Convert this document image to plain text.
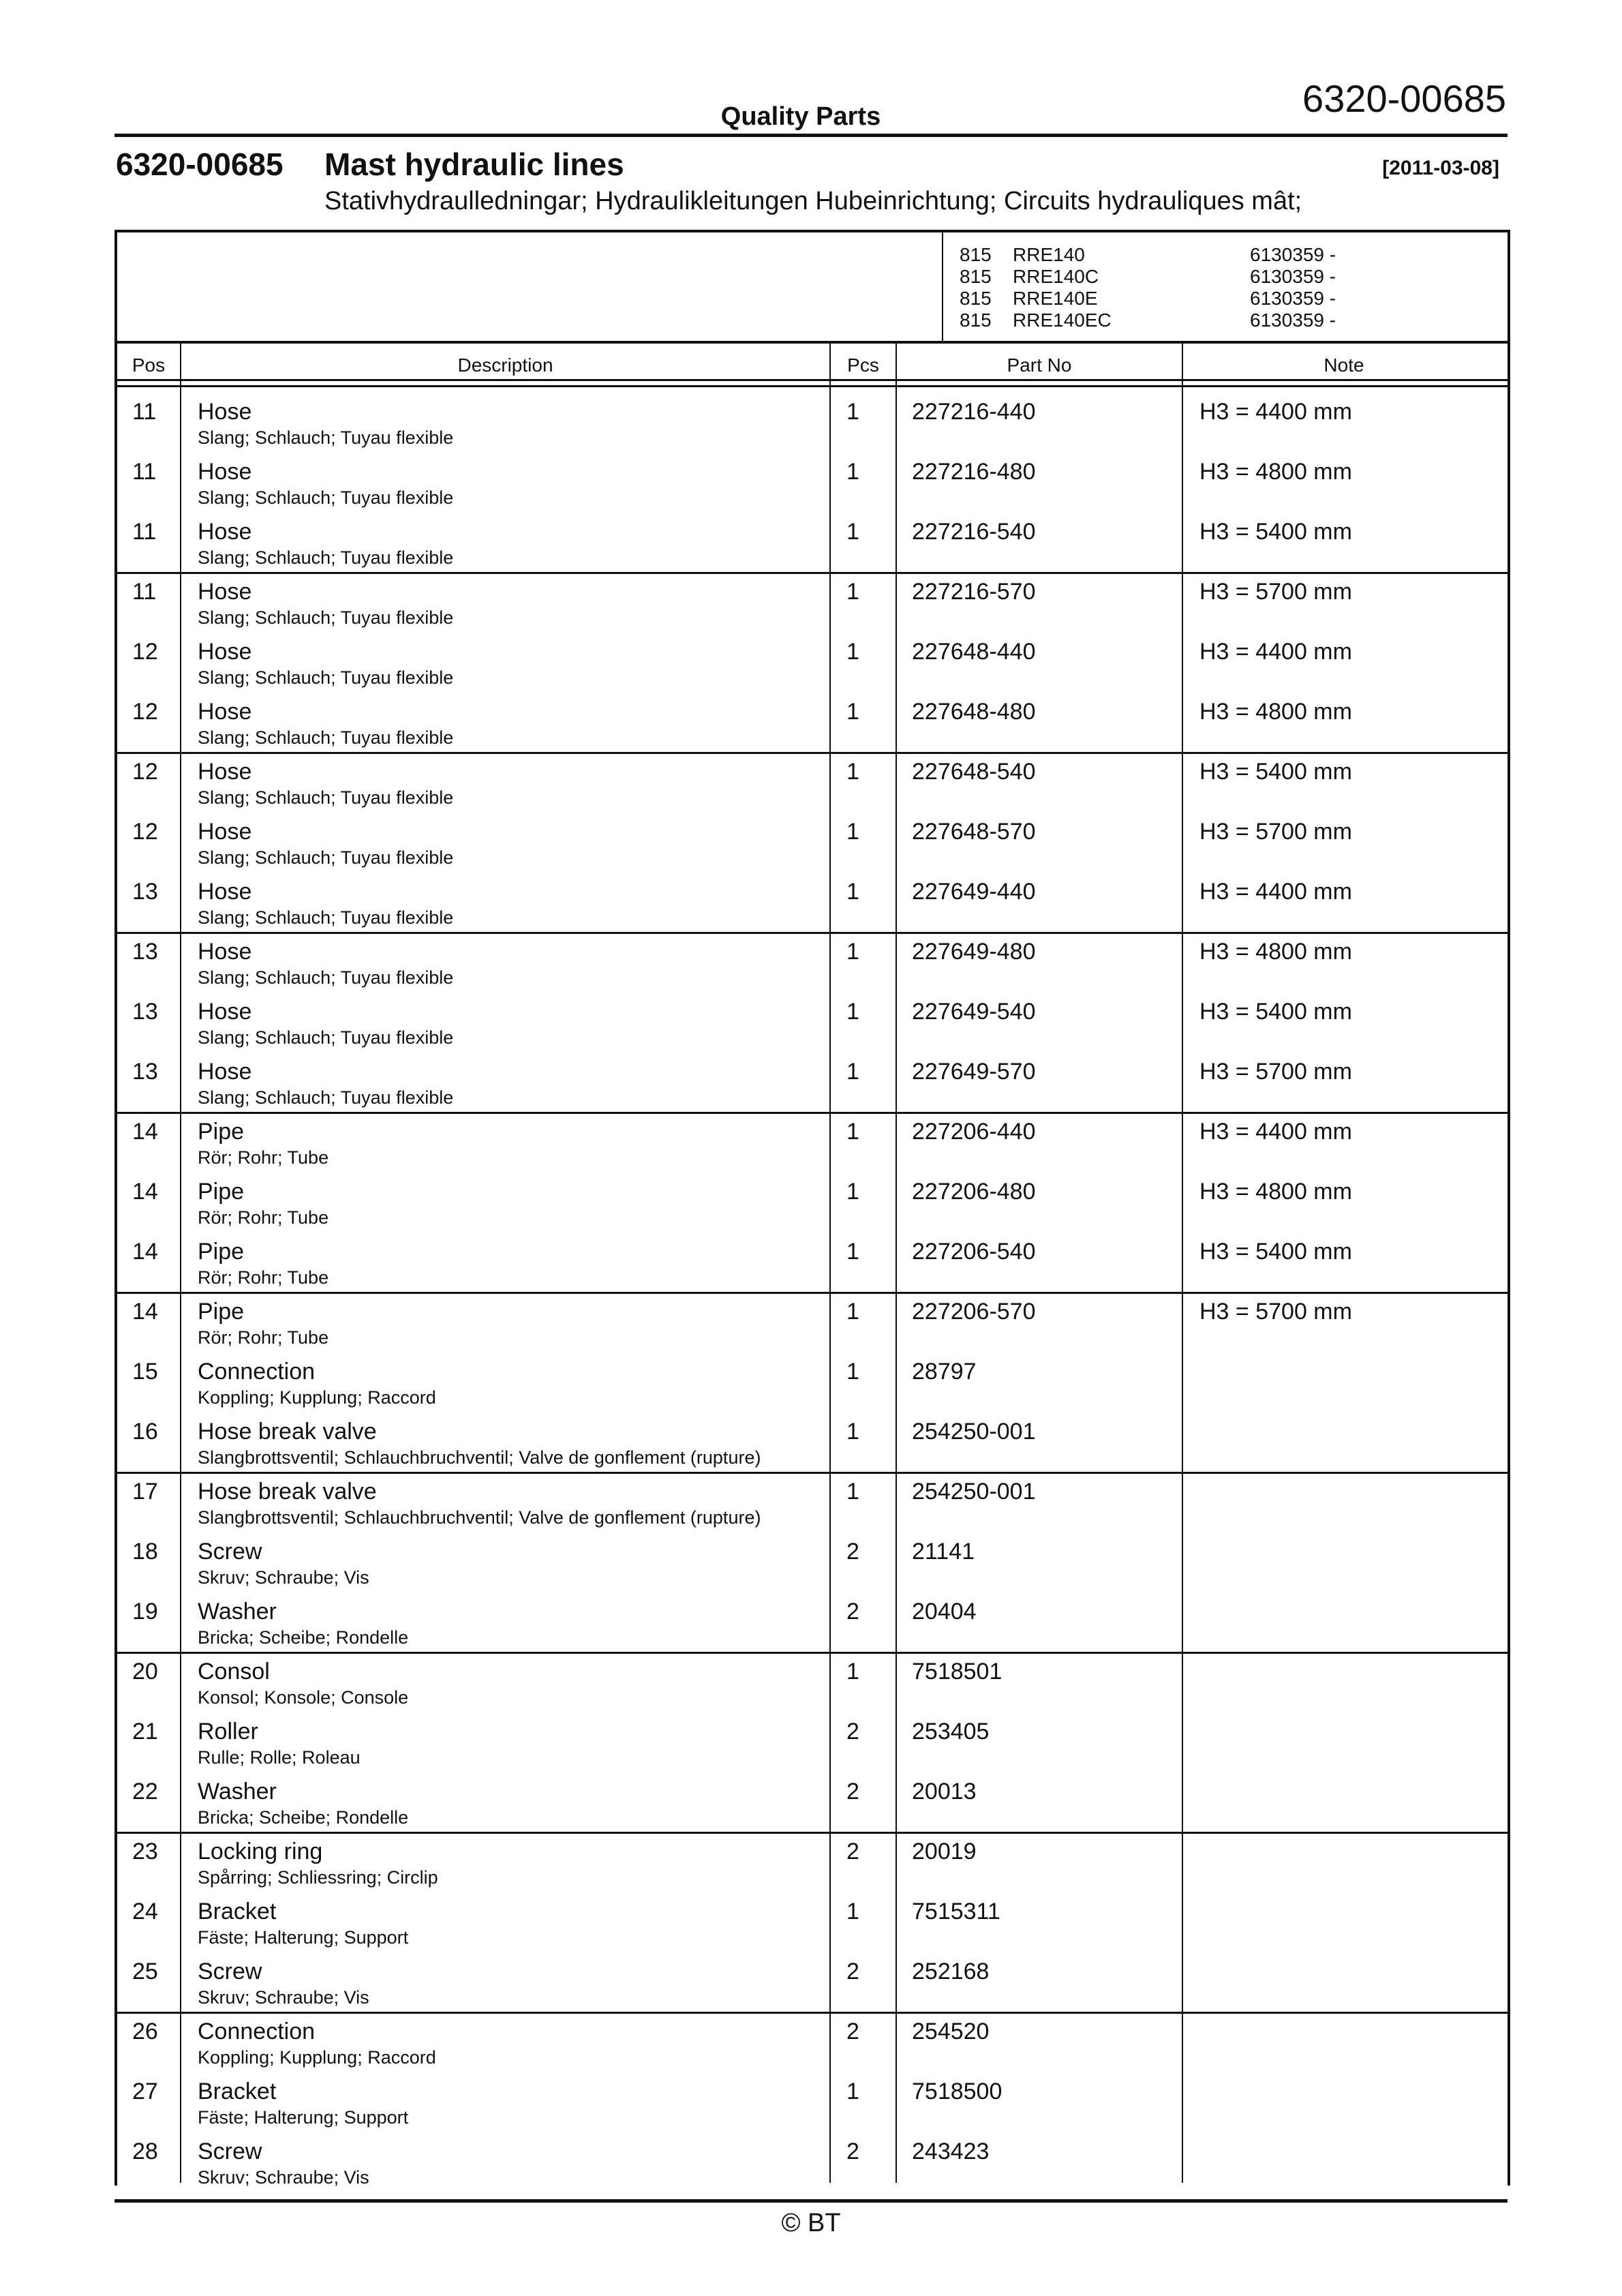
6320-00685
Quality Parts
6320-00685 Mast hydraulic lines	[2011-03-08]
Stativhydraulledningar; Hydraulikleitungen Hubeinrichtung; Circuits hydrauliques mât;
815 RRE140	6130359 -
815 RRE140C	6130359 -
815 RRE140E	6130359 -
815 RRE140EC	6130359 -
Pos	Description	Pcs	Part No	Note
11 Hose
Slang; Schlauch; Tuyau flexible
1 227216-440	H3 = 4400 mm
11 Hose
Slang; Schlauch; Tuyau flexible
1 227216-480	H3 = 4800 mm
11 Hose
Slang; Schlauch; Tuyau flexible
1 227216-540	H3 = 5400 mm
11 Hose
Slang; Schlauch; Tuyau flexible
1 227216-570	H3 = 5700 mm
12 Hose
Slang; Schlauch; Tuyau flexible
1 227648-440	H3 = 4400 mm
12 Hose
Slang; Schlauch; Tuyau flexible
1 227648-480	H3 = 4800 mm
12 Hose
Slang; Schlauch; Tuyau flexible
1 227648-540	H3 = 5400 mm
12 Hose
Slang; Schlauch; Tuyau flexible
1 227648-570	H3 = 5700 mm
13 Hose
Slang; Schlauch; Tuyau flexible
1 227649-440	H3 = 4400 mm
13 Hose
Slang; Schlauch; Tuyau flexible
1 227649-480	H3 = 4800 mm
13 Hose
Slang; Schlauch; Tuyau flexible
1 227649-540	H3 = 5400 mm
13 Hose
Slang; Schlauch; Tuyau flexible
1 227649-570	H3 = 5700 mm
14 Pipe
Rör; Rohr; Tube
1 227206-440	H3 = 4400 mm
14 Pipe
Rör; Rohr; Tube
1 227206-480	H3 = 4800 mm
14 Pipe
Rör; Rohr; Tube
1 227206-540	H3 = 5400 mm
14 Pipe
Rör; Rohr; Tube
1 227206-570	H3 = 5700 mm
15 Connection
Koppling; Kupplung; Raccord
1 28797
16 Hose break valve
Slangbrottsventil; Schlauchbruchventil; Valve de gonflement (rupture)
1 254250-001
17 Hose break valve
Slangbrottsventil; Schlauchbruchventil; Valve de gonflement (rupture)
1 254250-001
18 Screw
Skruv; Schraube; Vis
2 21141
19 Washer
Bricka; Scheibe; Rondelle
2 20404
20 Consol
Konsol; Konsole; Console
1 7518501
21 Roller
Rulle; Rolle; Roleau
2 253405
22 Washer
Bricka; Scheibe; Rondelle
2 20013
23 Locking ring
Spårring; Schliessring; Circlip
2 20019
24 Bracket
Fäste; Halterung; Support
1 7515311
25 Screw
Skruv; Schraube; Vis
2 252168
26 Connection
Koppling; Kupplung; Raccord
2 254520
27 Bracket
Fäste; Halterung; Support
1 7518500
28 Screw
Skruv; Schraube; Vis
2 243423
© BT
